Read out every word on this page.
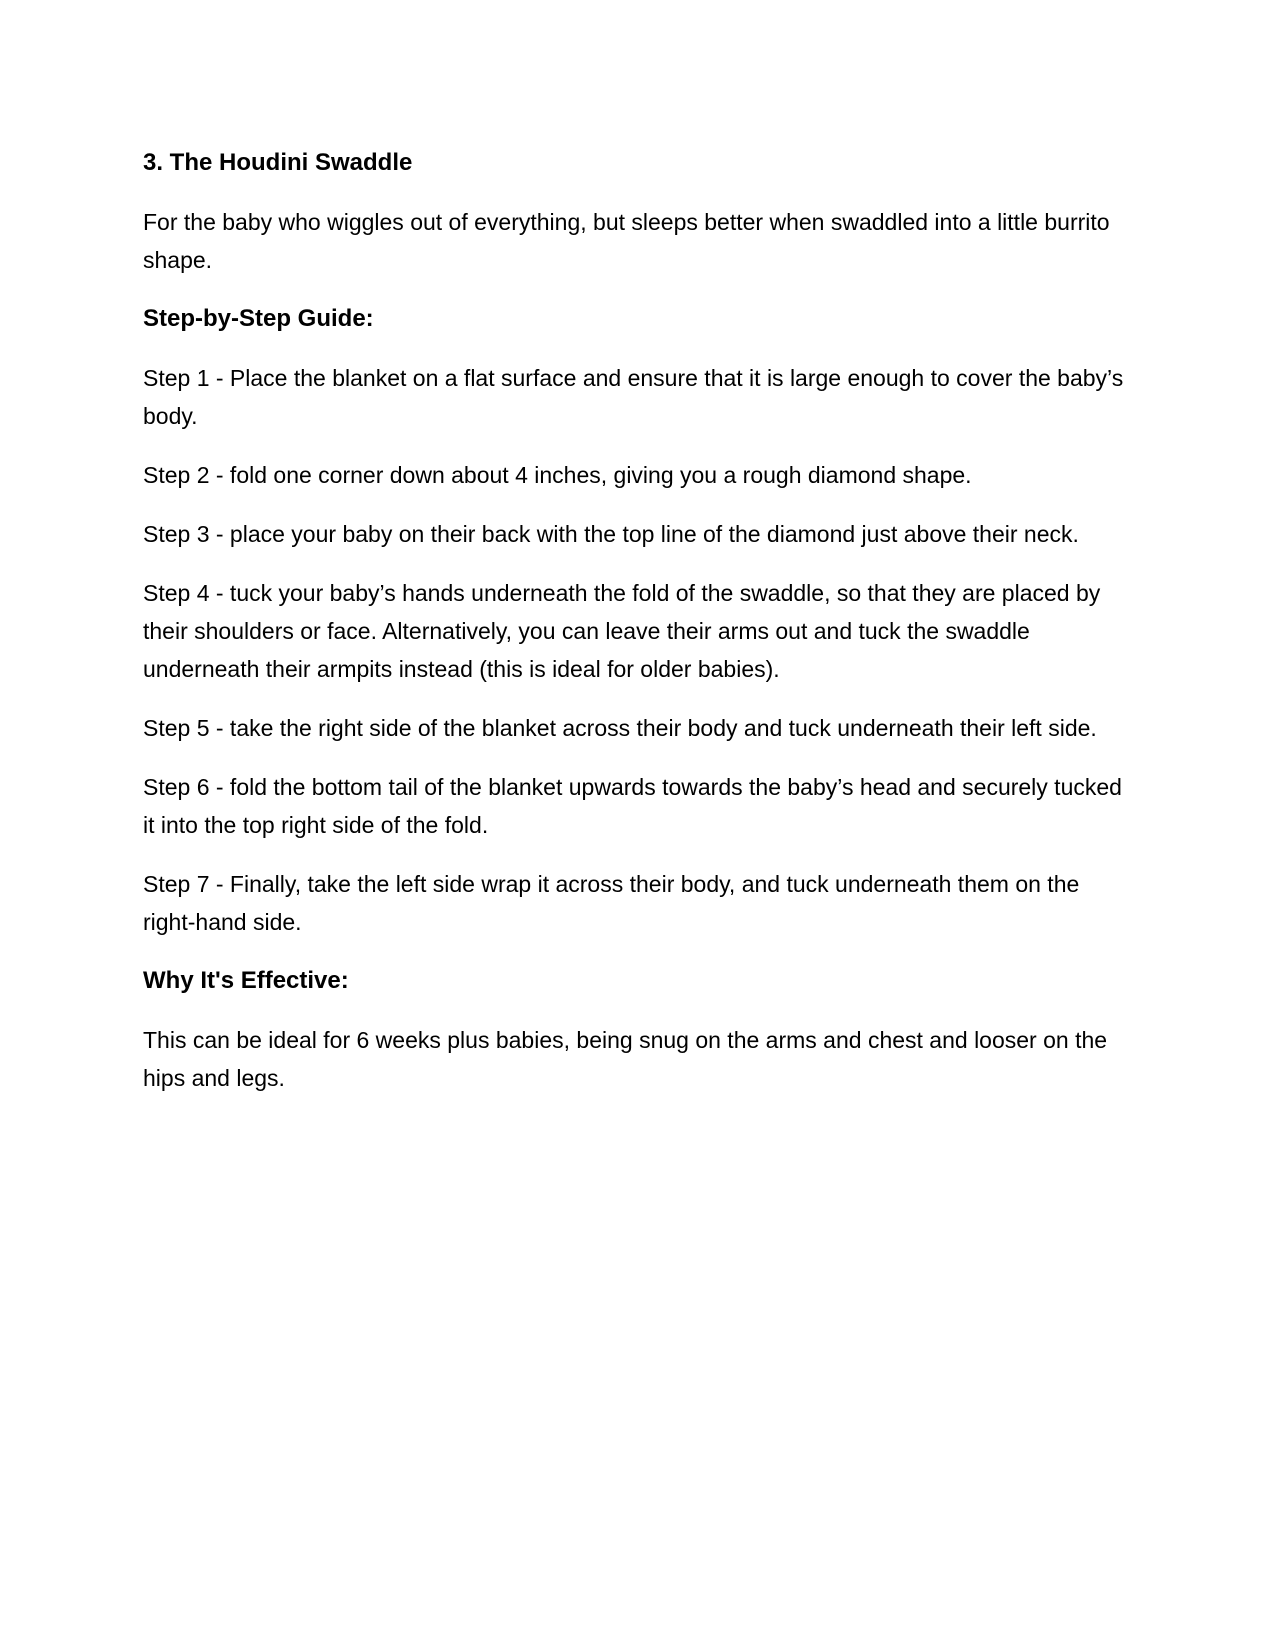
3. The Houdini Swaddle

For the baby who wiggles out of everything, but sleeps better when swaddled into a little burrito shape.

Step-by-Step Guide:

Step 1 - Place the blanket on a flat surface and ensure that it is large enough to cover the baby’s body.

Step 2 - fold one corner down about 4 inches, giving you a rough diamond shape.

Step 3 - place your baby on their back with the top line of the diamond just above their neck.

Step 4 - tuck your baby’s hands underneath the fold of the swaddle, so that they are placed by their shoulders or face. Alternatively, you can leave their arms out and tuck the swaddle underneath their armpits instead (this is ideal for older babies).

Step 5 - take the right side of the blanket across their body and tuck underneath their left side.

Step 6 - fold the bottom tail of the blanket upwards towards the baby’s head and securely tucked it into the top right side of the fold.

Step 7 - Finally, take the left side wrap it across their body, and tuck underneath them on the right-hand side.

Why It's Effective:

This can be ideal for 6 weeks plus babies, being snug on the arms and chest and looser on the hips and legs.
